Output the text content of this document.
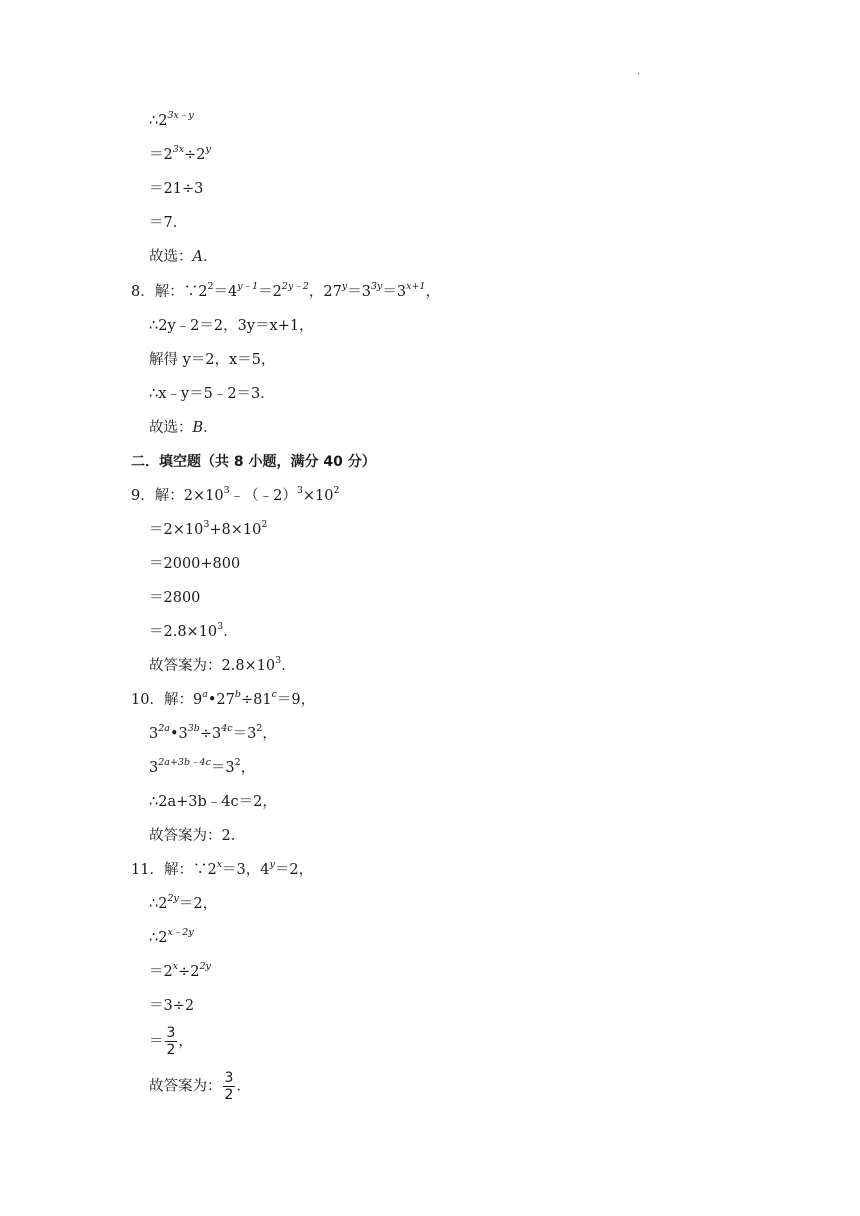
.
$\therefore 2^{3x﹣y}$
$=2^{3x}\div 2^y$
＝21÷3
＝7．
故选：A．
8．解：$\because 2^2=4^{y﹣1}=2^{2y﹣2}$，$27^y=3^{3y}=3^{x+1}$，
∴2y﹣2＝2，3y＝x+1，
解得 y＝2，x＝5，
∴x﹣y＝5﹣2＝3．
故选：B．
二．填空题（共 8 小题，满分 40 分）
9．解：$2\times 10^3﹣(﹣2)^3\times 10^2$
$=2\times 10^3+8\times 10^2$
＝2000+800
＝2800
$=2.8\times 10^3$．
故答案为：$2.8\times 10^3$．
10．解：$9^a•27^b\div 81^c=9$，
$3^{2a}•3^{3b}\div 3^{4c}=3^2$，
$3^{2a+3b﹣4c}=3^2$，
∴2a+3b﹣4c＝2，
故答案为：2．
11．解：$\because 2^x=3$，$4^y=2$，
$\therefore 2^{2y}=2$，
$\therefore 2^{x﹣2y}$
$=2^x\div 2^{2y}$
＝3÷2
＝ $\frac{3}{2}$ ，
故答案为： $\frac{3}{2}$ ．
